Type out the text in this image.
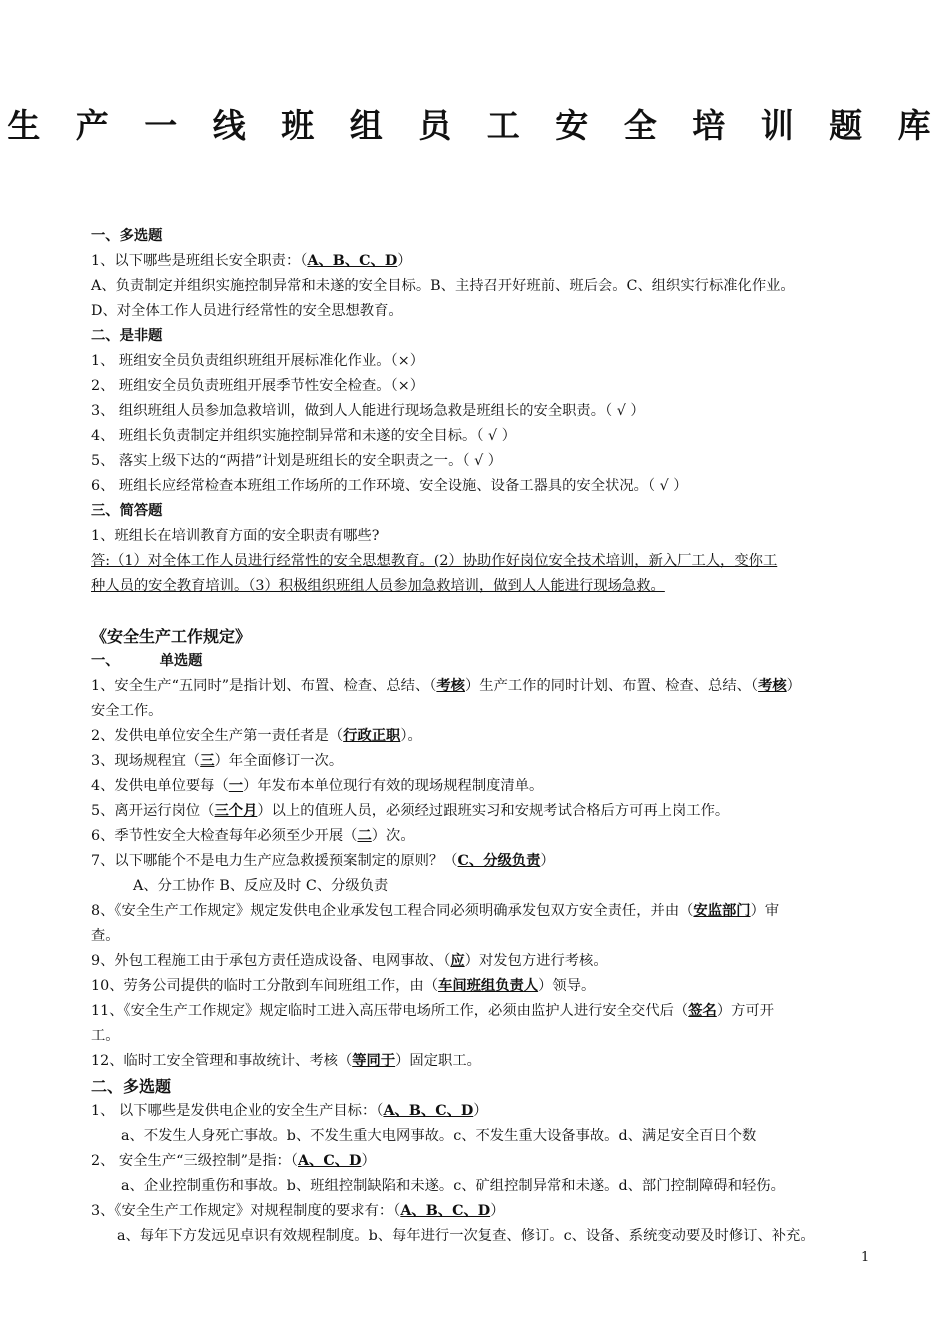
生 产 一 线 班 组 员 工 安 全 培 训 题 库
一、多选题
1、以下哪些是班组长安全职责：（A、B、C、D）
A、负责制定并组织实施控制异常和未遂的安全目标。B、主持召开好班前、班后会。C、组织实行标准化作业。
D、对全体工作人员进行经常性的安全思想教育。
二、是非题
1、 班组安全员负责组织班组开展标准化作业。（×）
2、 班组安全员负责班组开展季节性安全检查。（×）
3、 组织班组人员参加急救培训，做到人人能进行现场急救是班组长的安全职责。（ √ ）
4、 班组长负责制定并组织实施控制异常和未遂的安全目标。（ √ ）
5、 落实上级下达的“两措”计划是班组长的安全职责之一。（ √ ）
6、 班组长应经常检查本班组工作场所的工作环境、安全设施、设备工器具的安全状况。（ √ ）
三、简答题
1、班组长在培训教育方面的安全职责有哪些?
答:（1）对全体工作人员进行经常性的安全思想教育。(2）协助作好岗位安全技术培训，新入厂工人，变你工
种人员的安全教育培训。（3）积极组织班组人员参加急救培训，做到人人能进行现场急救。
《安全生产工作规定》
一、	单选题
1、安全生产“五同时”是指计划、布置、检查、总结、（考核）生产工作的同时计划、布置、检查、总结、（考核）
安全工作。
2、发供电单位安全生产第一责任者是（行政正职）。
3、现场规程宜（三）年全面修订一次。
4、发供电单位要每（一）年发布本单位现行有效的现场规程制度清单。
5、离开运行岗位（三个月）以上的值班人员，必须经过跟班实习和安规考试合格后方可再上岗工作。
6、季节性安全大检查每年必须至少开展（二）次。
7、以下哪能个不是电力生产应急救援预案制定的原则？（C、分级负责）
A、分工协作 B、反应及时 C、分级负责
8、《安全生产工作规定》规定发供电企业承发包工程合同必须明确承发包双方安全责任，并由（安监部门）审
查。
9、外包工程施工由于承包方责任造成设备、电网事故、（应）对发包方进行考核。
10、劳务公司提供的临时工分散到车间班组工作，由（车间班组负责人）领导。
11、《安全生产工作规定》规定临时工进入高压带电场所工作，必须由监护人进行安全交代后（签名）方可开
工。
12、临时工安全管理和事故统计、考核（等同于）固定职工。
二、多选题
1、 以下哪些是发供电企业的安全生产目标：（A、B、C、D）
a、不发生人身死亡事故。b、不发生重大电网事故。c、不发生重大设备事故。d、满足安全百日个数
2、 安全生产“三级控制”是指：（A、C、D）
a、企业控制重伤和事故。b、班组控制缺陷和未遂。c、矿组控制异常和未遂。d、部门控制障碍和轻伤。
3、《安全生产工作规定》对规程制度的要求有：（A、B、C、D）
a、每年下方发远见卓识有效规程制度。b、每年进行一次复查、修订。c、设备、系统变动要及时修订、补充。
1
